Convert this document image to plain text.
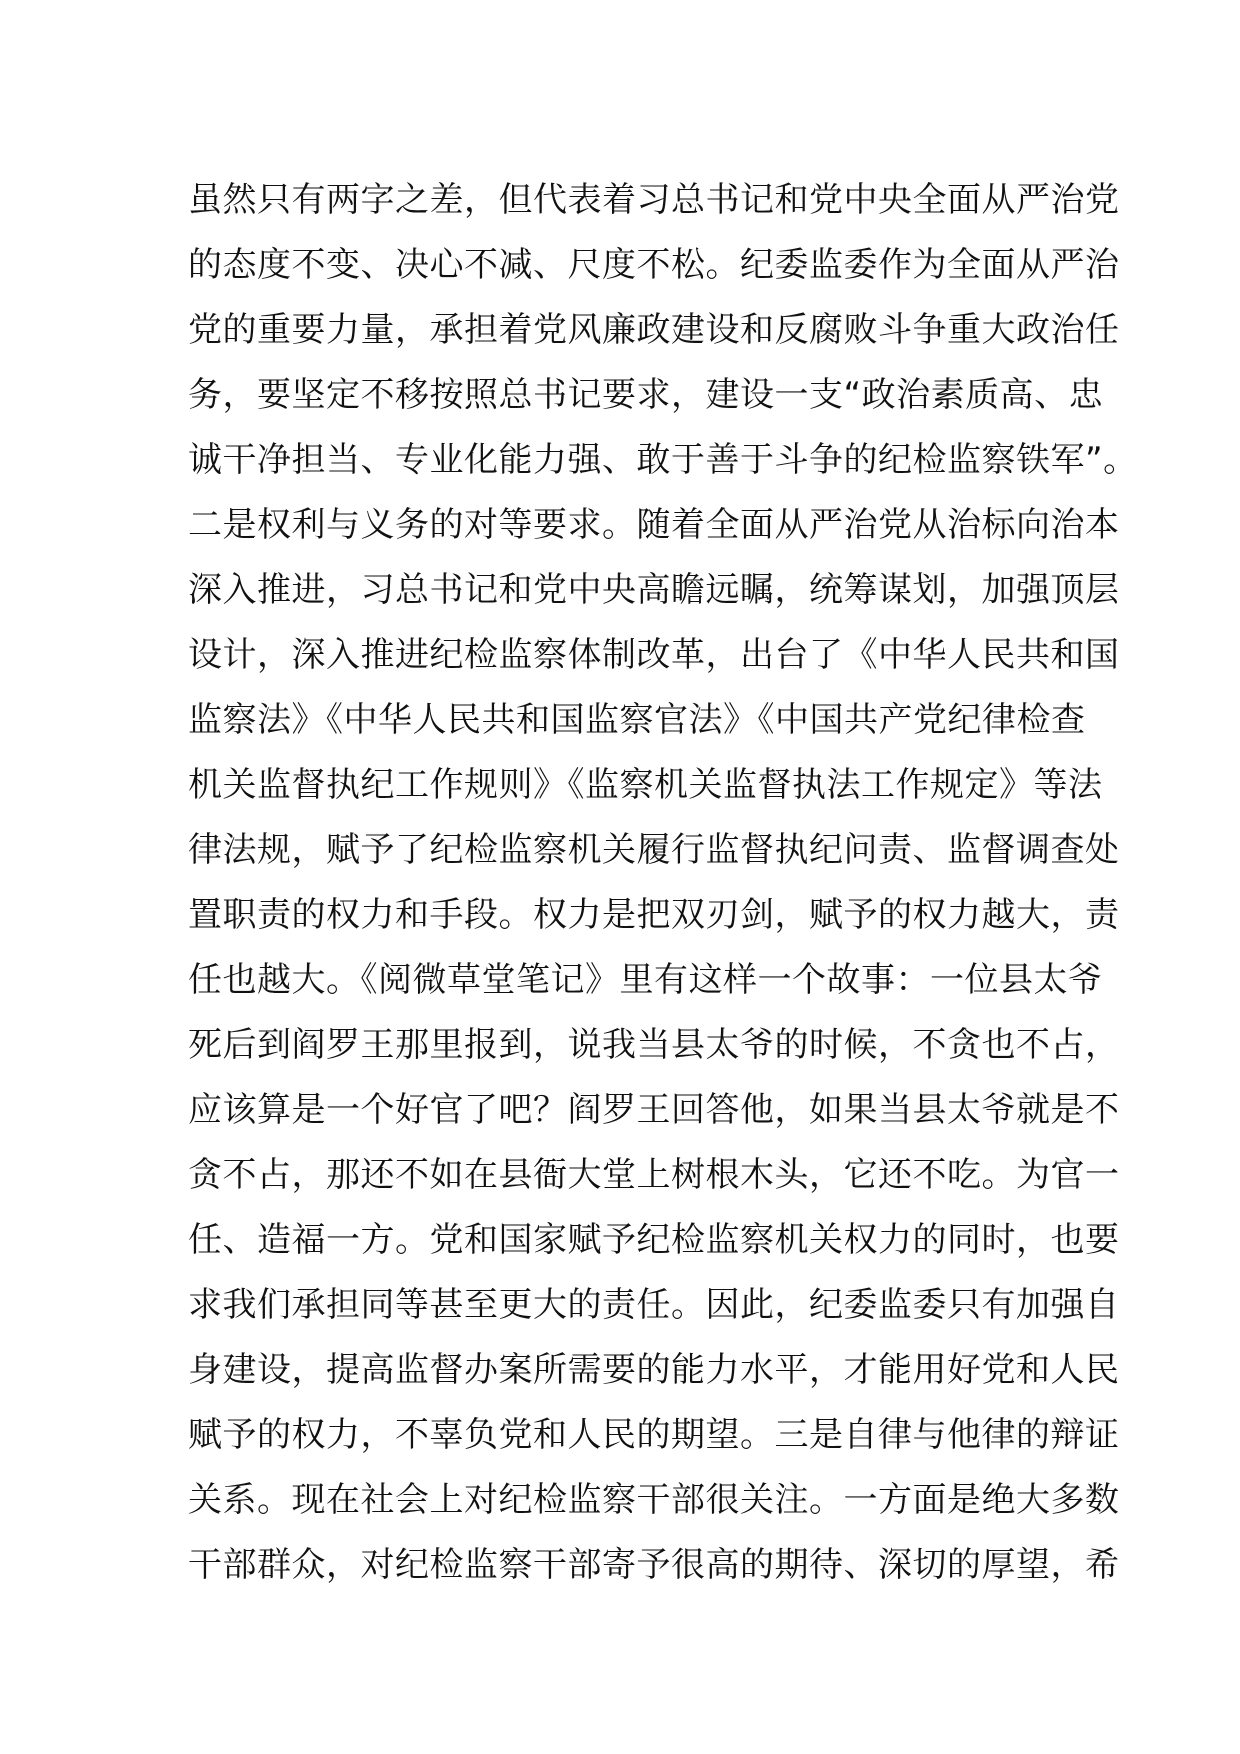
虽然只有两字之差，但代表着习总书记和党中央全面从严治党
的态度不变、决心不减、尺度不松。纪委监委作为全面从严治
党的重要力量，承担着党风廉政建设和反腐败斗争重大政治任
务，要坚定不移按照总书记要求，建设一支“政治素质高、忠
诚干净担当、专业化能力强、敢于善于斗争的纪检监察铁军”。
二是权利与义务的对等要求。随着全面从严治党从治标向治本
深入推进，习总书记和党中央高瞻远瞩，统筹谋划，加强顶层
设计，深入推进纪检监察体制改革，出台了《中华人民共和国
监察法》《中华人民共和国监察官法》《中国共产党纪律检查
机关监督执纪工作规则》《监察机关监督执法工作规定》等法
律法规，赋予了纪检监察机关履行监督执纪问责、监督调查处
置职责的权力和手段。权力是把双刃剑，赋予的权力越大，责
任也越大。《阅微草堂笔记》里有这样一个故事：一位县太爷
死后到阎罗王那里报到，说我当县太爷的时候，不贪也不占，
应该算是一个好官了吧？阎罗王回答他，如果当县太爷就是不
贪不占，那还不如在县衙大堂上树根木头，它还不吃。为官一
任、造福一方。党和国家赋予纪检监察机关权力的同时，也要
求我们承担同等甚至更大的责任。因此，纪委监委只有加强自
身建设，提高监督办案所需要的能力水平，才能用好党和人民
赋予的权力，不辜负党和人民的期望。三是自律与他律的辩证
关系。现在社会上对纪检监察干部很关注。一方面是绝大多数
干部群众，对纪检监察干部寄予很高的期待、深切的厚望，希
